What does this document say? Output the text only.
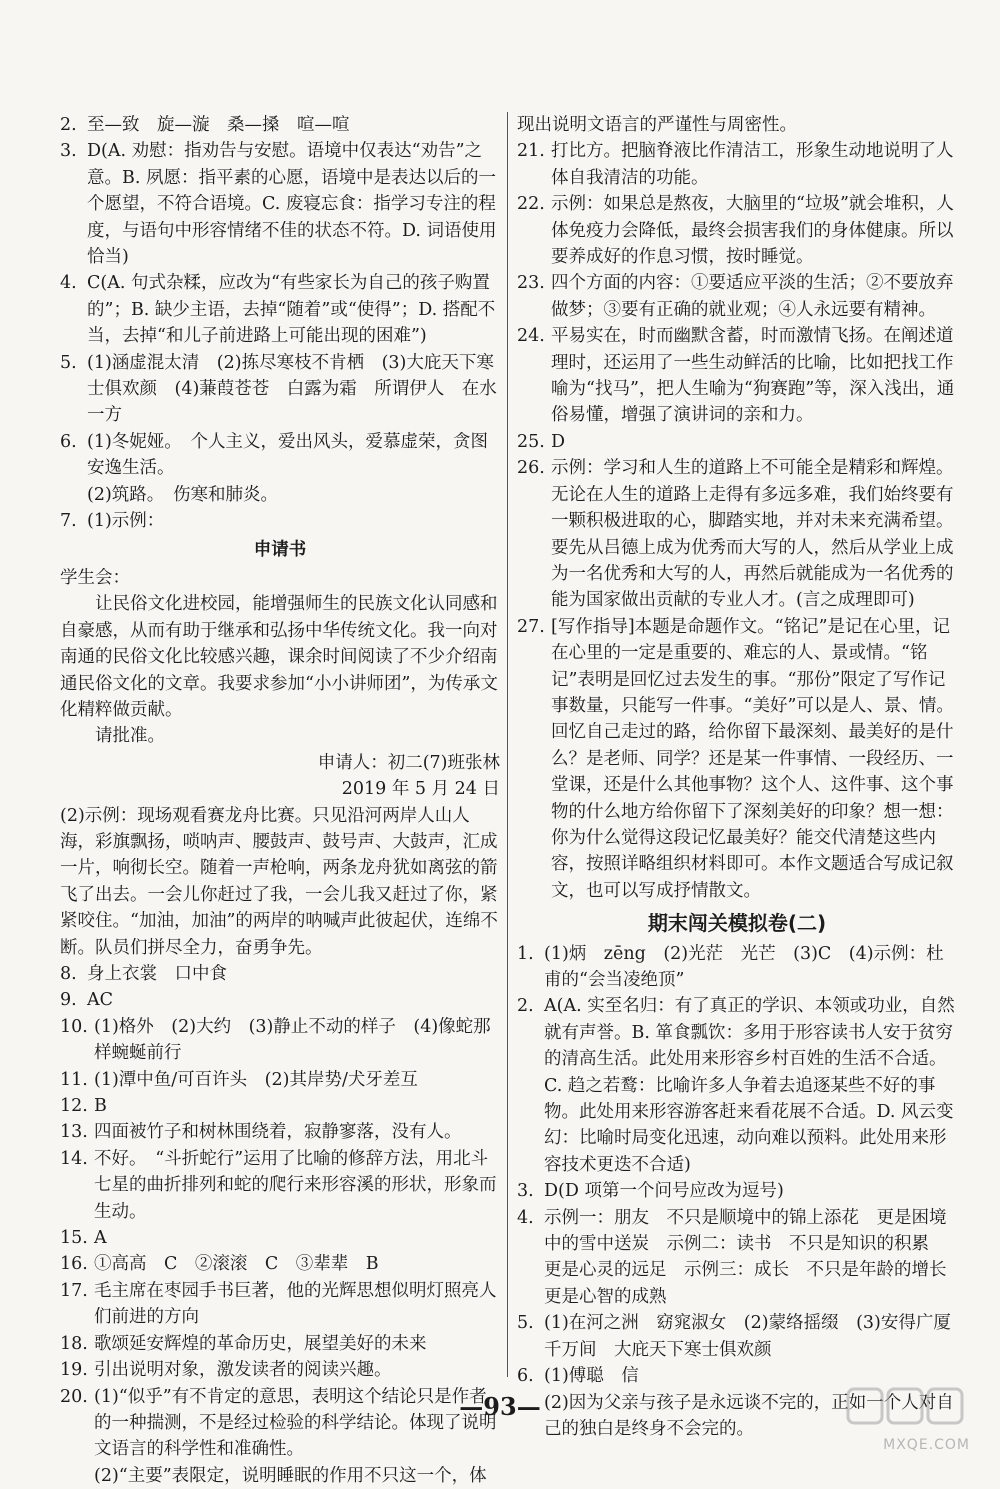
2. 至—致　旋—漩　桑—搡　喧—喧
3. D(A. 劝慰：指劝告与安慰。语境中仅表达“劝告”之意。B. 夙愿：指平素的心愿，语境中是表达以后的一个愿望，不符合语境。C. 废寝忘食：指学习专注的程度，与语句中形容情绪不佳的状态不符。D. 词语使用恰当)
4. C(A. 句式杂糅，应改为“有些家长为自己的孩子购置的”；B. 缺少主语，去掉“随着”或“使得”；D. 搭配不当，去掉“和儿子前进路上可能出现的困难”)
5. (1)涵虚混太清　(2)拣尽寒枝不肯栖　(3)大庇天下寒士俱欢颜　(4)蒹葭苍苍　白露为霜　所谓伊人　在水一方
6. (1)冬妮娅。　个人主义，爱出风头，爱慕虚荣，贪图安逸生活。
(2)筑路。　伤寒和肺炎。
7. (1)示例：
申请书
学生会：
让民俗文化进校园，能增强师生的民族文化认同感和自豪感，从而有助于继承和弘扬中华传统文化。我一向对南通的民俗文化比较感兴趣，课余时间阅读了不少介绍南通民俗文化的文章。我要求参加“小小讲师团”，为传承文化精粹做贡献。
请批准。
申请人：初二(7)班张林
2019 年 5 月 24 日
(2)示例：现场观看赛龙舟比赛。只见沿河两岸人山人海，彩旗飘扬，唢呐声、腰鼓声、鼓号声、大鼓声，汇成一片，响彻长空。随着一声枪响，两条龙舟犹如离弦的箭飞了出去。一会儿你赶过了我，一会儿我又赶过了你，紧紧咬住。“加油，加油”的两岸的呐喊声此彼起伏，连绵不断。队员们拼尽全力，奋勇争先。
8. 身上衣裳　口中食
9. AC
10. (1)格外　(2)大约　(3)静止不动的样子　(4)像蛇那样蜿蜒前行
11. (1)潭中鱼/可百许头　(2)其岸势/犬牙差互
12. B
13. 四面被竹子和树林围绕着，寂静寥落，没有人。
14. 不好。　“斗折蛇行”运用了比喻的修辞方法，用北斗七星的曲折排列和蛇的爬行来形容溪的形状，形象而生动。
15. A
16. ①高高　C　②滚滚　C　③辈辈　B
17. 毛主席在枣园手书巨著，他的光辉思想似明灯照亮人们前进的方向
18. 歌颂延安辉煌的革命历史，展望美好的未来
19. 引出说明对象，激发读者的阅读兴趣。
20. (1)“似乎”有不肯定的意思，表明这个结论只是作者的一种揣测，不是经过检验的科学结论。体现了说明文语言的科学性和准确性。
(2)“主要”表限定，说明睡眠的作用不只这一个，体
现出说明文语言的严谨性与周密性。
21. 打比方。把脑脊液比作清洁工，形象生动地说明了人体自我清洁的功能。
22. 示例：如果总是熬夜，大脑里的“垃圾”就会堆积，人体免疫力会降低，最终会损害我们的身体健康。所以要养成好的作息习惯，按时睡觉。
23. 四个方面的内容：①要适应平淡的生活；②不要放弃做梦；③要有正确的就业观；④人永远要有精神。
24. 平易实在，时而幽默含蓄，时而激情飞扬。在阐述道理时，还运用了一些生动鲜活的比喻，比如把找工作喻为“找马”，把人生喻为“狗赛跑”等，深入浅出，通俗易懂，增强了演讲词的亲和力。
25. D
26. 示例：学习和人生的道路上不可能全是精彩和辉煌。无论在人生的道路上走得有多远多难，我们始终要有一颗积极进取的心，脚踏实地，并对未来充满希望。要先从吕德上成为优秀而大写的人，然后从学业上成为一名优秀和大写的人，再然后就能成为一名优秀的能为国家做出贡献的专业人才。(言之成理即可)
27. [写作指导]本题是命题作文。“铭记”是记在心里，记在心里的一定是重要的、难忘的人、景或情。“铭记”表明是回忆过去发生的事。“那份”限定了写作记事数量，只能写一件事。“美好”可以是人、景、情。回忆自己走过的路，给你留下最深刻、最美好的是什么？是老师、同学？还是某一件事情、一段经历、一堂课，还是什么其他事物？这个人、这件事、这个事物的什么地方给你留下了深刻美好的印象？想一想：你为什么觉得这段记忆最美好？能交代清楚这些内容，按照详略组织材料即可。本作文题适合写成记叙文，也可以写成抒情散文。
期末闯关模拟卷(二)
1. (1)炳　zēng　(2)光茫　光芒　(3)C　(4)示例：杜甫的“会当凌绝顶”
2. A(A. 实至名归：有了真正的学识、本领或功业，自然就有声誉。B. 箪食瓢饮：多用于形容读书人安于贫穷的清高生活。此处用来形容乡村百姓的生活不合适。C. 趋之若鹜：比喻许多人争着去追逐某些不好的事物。此处用来形容游客赶来看花展不合适。D. 风云变幻：比喻时局变化迅速，动向难以预料。此处用来形容技术更迭不合适)
3. D(D 项第一个问号应改为逗号)
4. 示例一：朋友　不只是顺境中的锦上添花　更是困境中的雪中送炭　示例二：读书　不只是知识的积累　更是心灵的远足　示例三：成长　不只是年龄的增长　更是心智的成熟
5. (1)在河之洲　窈窕淑女　(2)蒙络摇缀　(3)安得广厦千万间　大庇天下寒士俱欢颜
6. (1)傅聪　信
(2)因为父亲与孩子是永远谈不完的，正如一个人对自己的独白是终身不会完的。
—93—
MXQE.COM
